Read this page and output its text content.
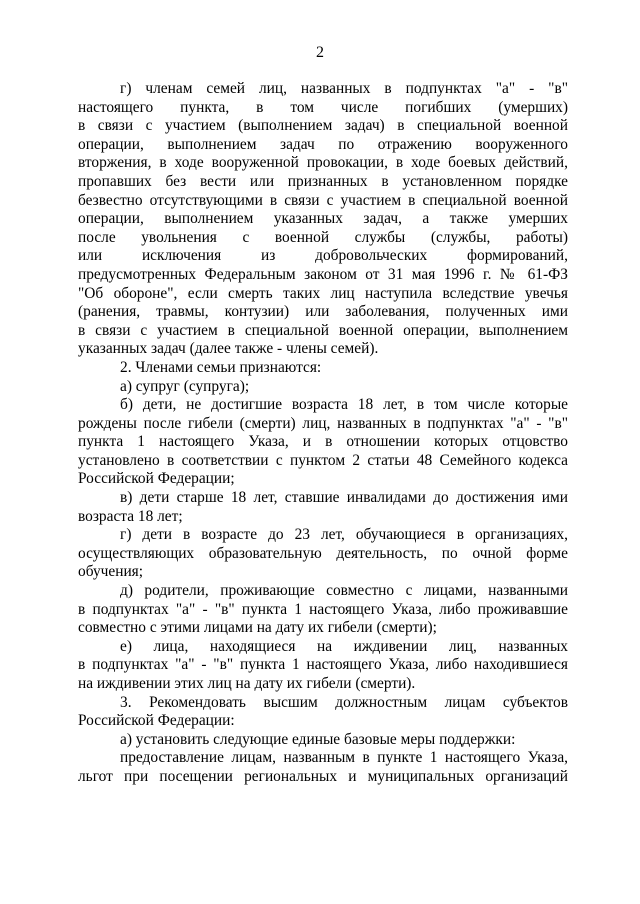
2

г) членам семей лиц, названных в подпунктах "а" - "в"
настоящего пункта, в том числе погибших (умерших)
в связи с участием (выполнением задач) в специальной военной
операции, выполнением задач по отражению вооруженного
вторжения, в ходе вооруженной провокации, в ходе боевых действий,
пропавших без вести или признанных в установленном порядке
безвестно отсутствующими в связи с участием в специальной военной
операции, выполнением указанных задач, а также умерших
после увольнения с военной службы (службы, работы)
или исключения из добровольческих формирований,
предусмотренных Федеральным законом от 31 мая 1996 г. № 61-ФЗ
"Об обороне", если смерть таких лиц наступила вследствие увечья
(ранения, травмы, контузии) или заболевания, полученных ими
в связи с участием в специальной военной операции, выполнением
указанных задач (далее также - члены семей).

2. Членами семьи признаются:

а) супруг (супруга);

б) дети, не достигшие возраста 18 лет, в том числе которые
рождены после гибели (смерти) лиц, названных в подпунктах "а" - "в"
пункта 1 настоящего Указа, и в отношении которых отцовство
установлено в соответствии с пунктом 2 статьи 48 Семейного кодекса
Российской Федерации;

в) дети старше 18 лет, ставшие инвалидами до достижения ими
возраста 18 лет;

г) дети в возрасте до 23 лет, обучающиеся в организациях,
осуществляющих образовательную деятельность, по очной форме
обучения;

д) родители, проживающие совместно с лицами, названными
в подпунктах "а" - "в" пункта 1 настоящего Указа, либо проживавшие
совместно с этими лицами на дату их гибели (смерти);

е) лица, находящиеся на иждивении лиц, названных
в подпунктах "а" - "в" пункта 1 настоящего Указа, либо находившиеся
на иждивении этих лиц на дату их гибели (смерти).

3. Рекомендовать высшим должностным лицам субъектов
Российской Федерации:

а) установить следующие единые базовые меры поддержки:

предоставление лицам, названным в пункте 1 настоящего Указа,
льгот при посещении региональных и муниципальных организаций
